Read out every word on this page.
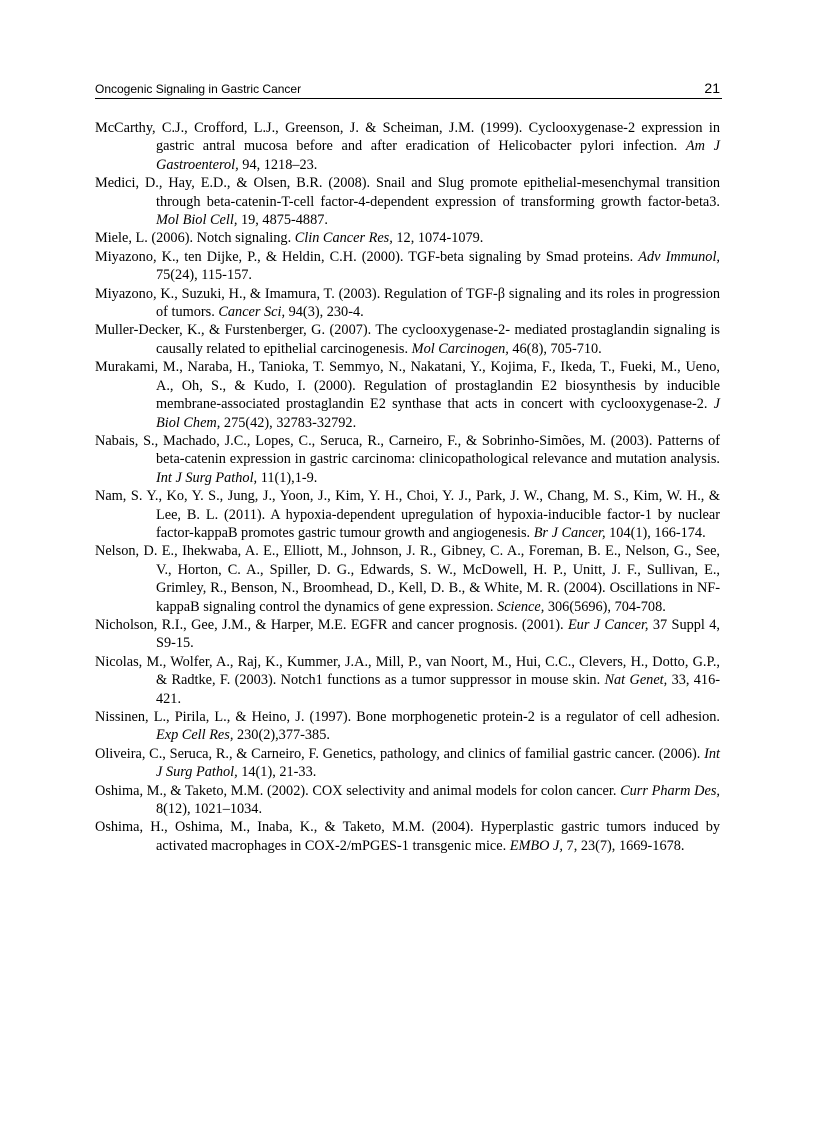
Oncogenic Signaling in Gastric Cancer	21
McCarthy, C.J., Crofford, L.J., Greenson, J. & Scheiman, J.M. (1999). Cyclooxygenase-2 expression in gastric antral mucosa before and after eradication of Helicobacter pylori infection. Am J Gastroenterol, 94, 1218–23.
Medici, D., Hay, E.D., & Olsen, B.R. (2008). Snail and Slug promote epithelial-mesenchymal transition through beta-catenin-T-cell factor-4-dependent expression of transforming growth factor-beta3. Mol Biol Cell, 19, 4875-4887.
Miele, L. (2006). Notch signaling. Clin Cancer Res, 12, 1074-1079.
Miyazono, K., ten Dijke, P., & Heldin, C.H. (2000). TGF-beta signaling by Smad proteins. Adv Immunol, 75(24), 115-157.
Miyazono, K., Suzuki, H., & Imamura, T. (2003). Regulation of TGF-β signaling and its roles in progression of tumors. Cancer Sci, 94(3), 230-4.
Muller-Decker, K., & Furstenberger, G. (2007). The cyclooxygenase-2- mediated prostaglandin signaling is causally related to epithelial carcinogenesis. Mol Carcinogen, 46(8), 705-710.
Murakami, M., Naraba, H., Tanioka, T. Semmyo, N., Nakatani, Y., Kojima, F., Ikeda, T., Fueki, M., Ueno, A., Oh, S., & Kudo, I. (2000). Regulation of prostaglandin E2 biosynthesis by inducible membrane-associated prostaglandin E2 synthase that acts in concert with cyclooxygenase-2. J Biol Chem, 275(42), 32783-32792.
Nabais, S., Machado, J.C., Lopes, C., Seruca, R., Carneiro, F., & Sobrinho-Simões, M. (2003). Patterns of beta-catenin expression in gastric carcinoma: clinicopathological relevance and mutation analysis. Int J Surg Pathol, 11(1),1-9.
Nam, S. Y., Ko, Y. S., Jung, J., Yoon, J., Kim, Y. H., Choi, Y. J., Park, J. W., Chang, M. S., Kim, W. H., & Lee, B. L. (2011). A hypoxia-dependent upregulation of hypoxia-inducible factor-1 by nuclear factor-kappaB promotes gastric tumour growth and angiogenesis. Br J Cancer, 104(1), 166-174.
Nelson, D. E., Ihekwaba, A. E., Elliott, M., Johnson, J. R., Gibney, C. A., Foreman, B. E., Nelson, G., See, V., Horton, C. A., Spiller, D. G., Edwards, S. W., McDowell, H. P., Unitt, J. F., Sullivan, E., Grimley, R., Benson, N., Broomhead, D., Kell, D. B., & White, M. R. (2004). Oscillations in NF-kappaB signaling control the dynamics of gene expression. Science, 306(5696), 704-708.
Nicholson, R.I., Gee, J.M., & Harper, M.E. EGFR and cancer prognosis. (2001). Eur J Cancer, 37 Suppl 4, S9-15.
Nicolas, M., Wolfer, A., Raj, K., Kummer, J.A., Mill, P., van Noort, M., Hui, C.C., Clevers, H., Dotto, G.P., & Radtke, F. (2003). Notch1 functions as a tumor suppressor in mouse skin. Nat Genet, 33, 416-421.
Nissinen, L., Pirila, L., & Heino, J. (1997). Bone morphogenetic protein-2 is a regulator of cell adhesion. Exp Cell Res, 230(2),377-385.
Oliveira, C., Seruca, R., & Carneiro, F. Genetics, pathology, and clinics of familial gastric cancer. (2006). Int J Surg Pathol, 14(1), 21-33.
Oshima, M., & Taketo, M.M. (2002). COX selectivity and animal models for colon cancer. Curr Pharm Des, 8(12), 1021–1034.
Oshima, H., Oshima, M., Inaba, K., & Taketo, M.M. (2004). Hyperplastic gastric tumors induced by activated macrophages in COX-2/mPGES-1 transgenic mice. EMBO J, 7, 23(7), 1669-1678.
